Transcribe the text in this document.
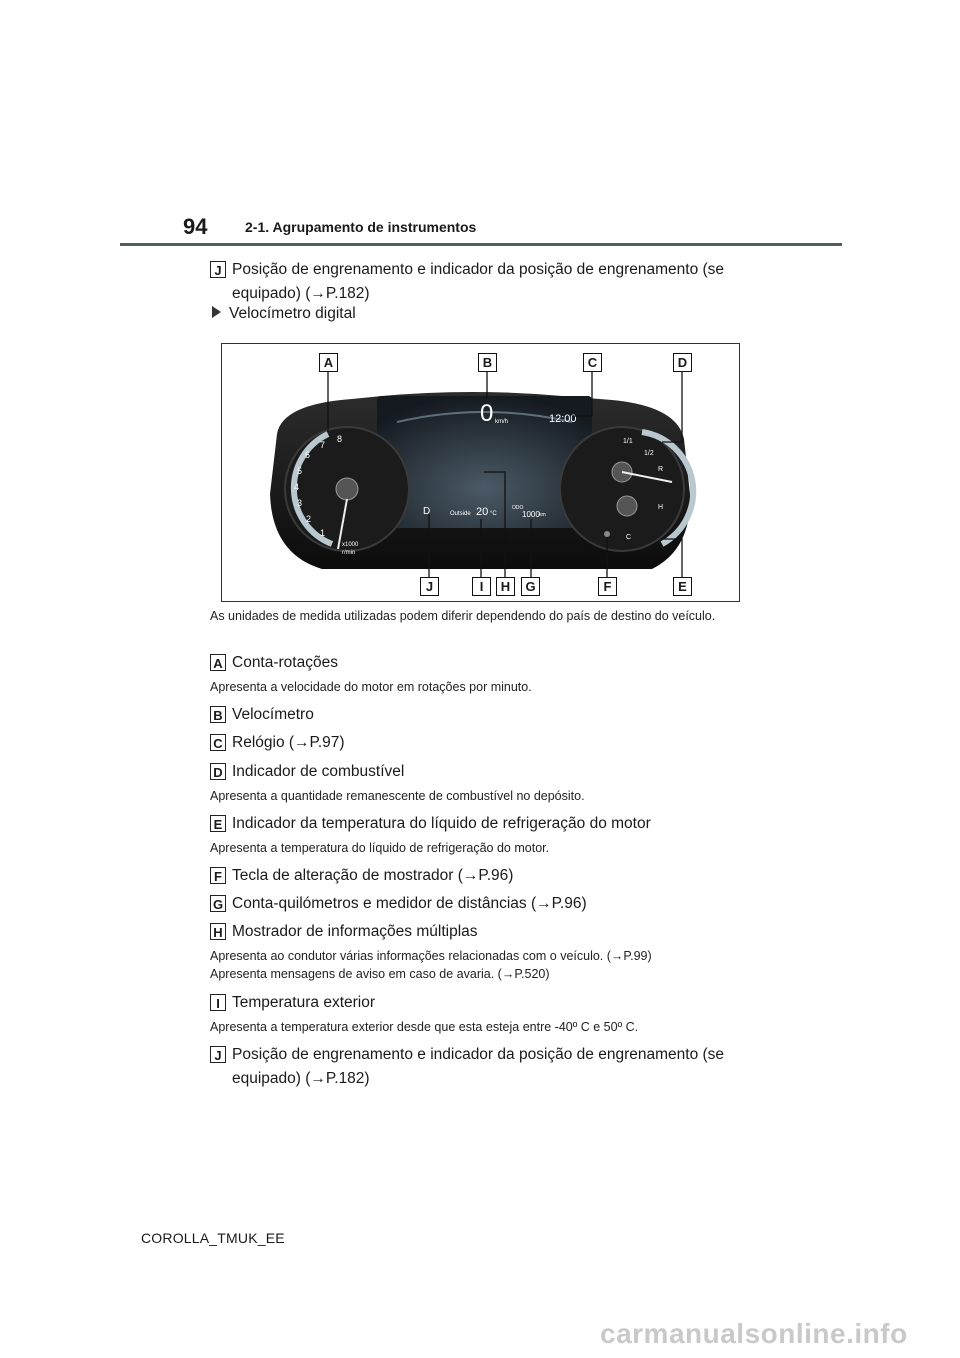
94	2-1. Agrupamento de instrumentos
J Posição de engrenamento e indicador da posição de engrenamento (se
equipado) (→P.182)
Velocímetro digital
1
2
3
4
5
6
7
8
x1000
r/min
0 km/h	12:00
D	Outside 20 °C
ODO
1000 km
1/1
1/2
R
H
C
A	B	C	D
J	I	H	G	F	E
As unidades de medida utilizadas podem diferir dependendo do país de destino do veículo.
A Conta-rotações
Apresenta a velocidade do motor em rotações por minuto.
B Velocímetro
C Relógio (→P.97)
D Indicador de combustível
Apresenta a quantidade remanescente de combustível no depósito.
E Indicador da temperatura do líquido de refrigeração do motor
Apresenta a temperatura do líquido de refrigeração do motor.
F Tecla de alteração de mostrador (→P.96)
G Conta-quilómetros e medidor de distâncias (→P.96)
H Mostrador de informações múltiplas
Apresenta ao condutor várias informações relacionadas com o veículo. (→P.99)
Apresenta mensagens de aviso em caso de avaria. (→P.520)
I Temperatura exterior
Apresenta a temperatura exterior desde que esta esteja entre -40º C e 50º C.
J Posição de engrenamento e indicador da posição de engrenamento (se
equipado) (→P.182)
COROLLA_TMUK_EE
carmanualsonline.info
